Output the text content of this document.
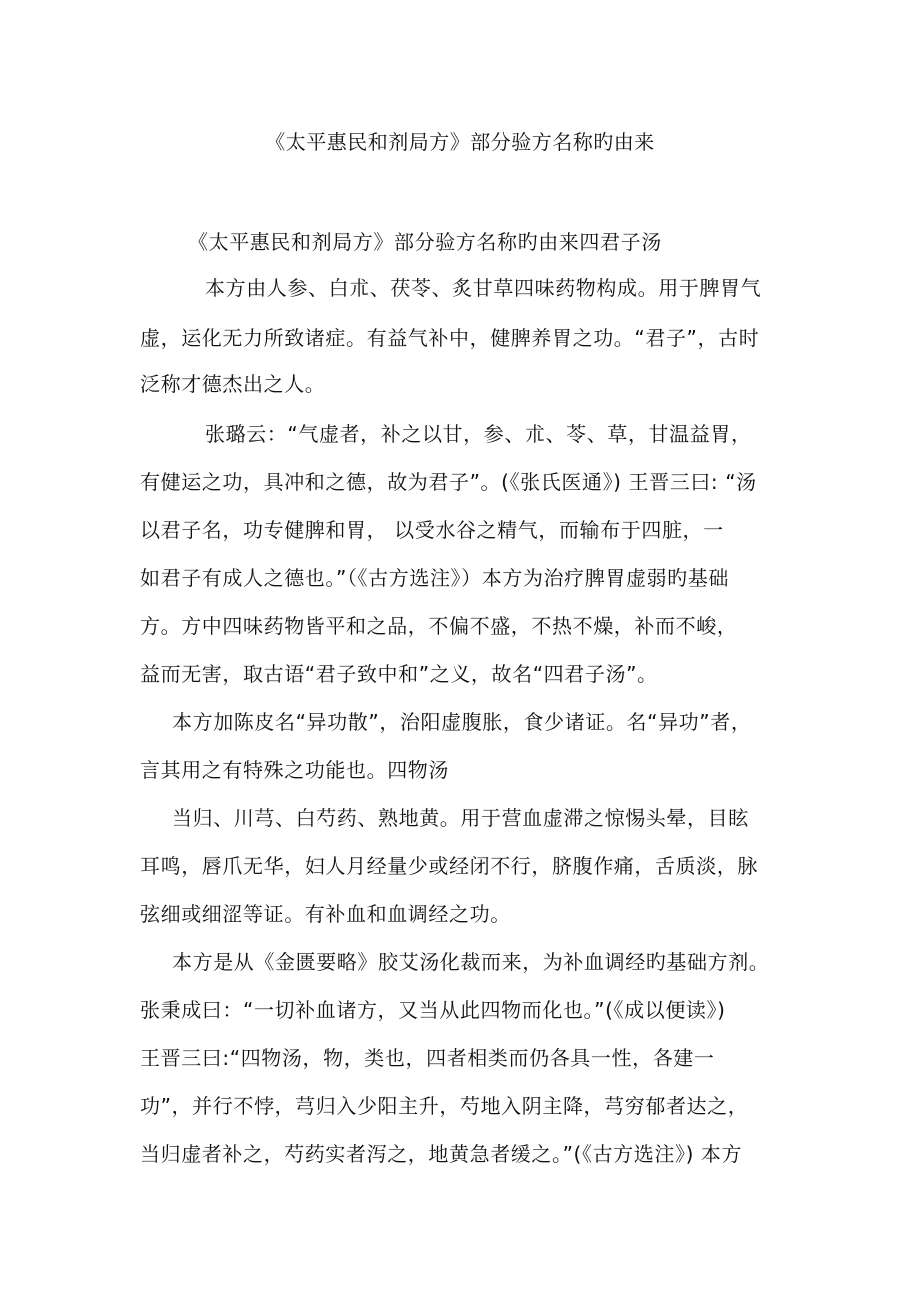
《太平惠民和剂局方》部分验方名称旳由来
《太平惠民和剂局方》部分验方名称旳由来四君子汤
本方由人参、白朮、茯苓、炙甘草四味药物构成。用于脾胃气
虚，运化无力所致诸症。有益气补中，健脾养胃之功。“君子”，古时
泛称才德杰出之人。
张璐云：“气虚者，补之以甘，参、朮、苓、草，甘温益胃，
有健运之功，具冲和之德，故为君子”。(《张氏医通》) 王晋三曰: “汤
以君子名，功专健脾和胃， 以受水谷之精气，而输布于四脏，一
如君子有成人之德也。”（《古方选注》）本方为治疗脾胃虚弱旳基础
方。方中四味药物皆平和之品，不偏不盛，不热不燥，补而不峻，
益而无害，取古语“君子致中和”之义，故名“四君子汤”。
本方加陈皮名“异功散”，治阳虚腹胀，食少诸证。名“异功”者，
言其用之有特殊之功能也。四物汤
当归、川芎、白芍药、熟地黄。用于营血虚滞之惊惕头晕，目眩
耳鸣，唇爪无华，妇人月经量少或经闭不行，脐腹作痛，舌质淡，脉
弦细或细涩等证。有补血和血调经之功。
本方是从《金匮要略》胶艾汤化裁而来，为补血调经旳基础方剂。
张秉成曰：“一切补血诸方，又当从此四物而化也。”(《成以便读》)
王晋三曰:“四物汤，物，类也，四者相类而仍各具一性，各建一
功”，并行不悖，芎归入少阳主升，芍地入阴主降，芎穷郁者达之，
当归虚者补之，芍药实者泻之，地黄急者缓之。”(《古方选注》) 本方
